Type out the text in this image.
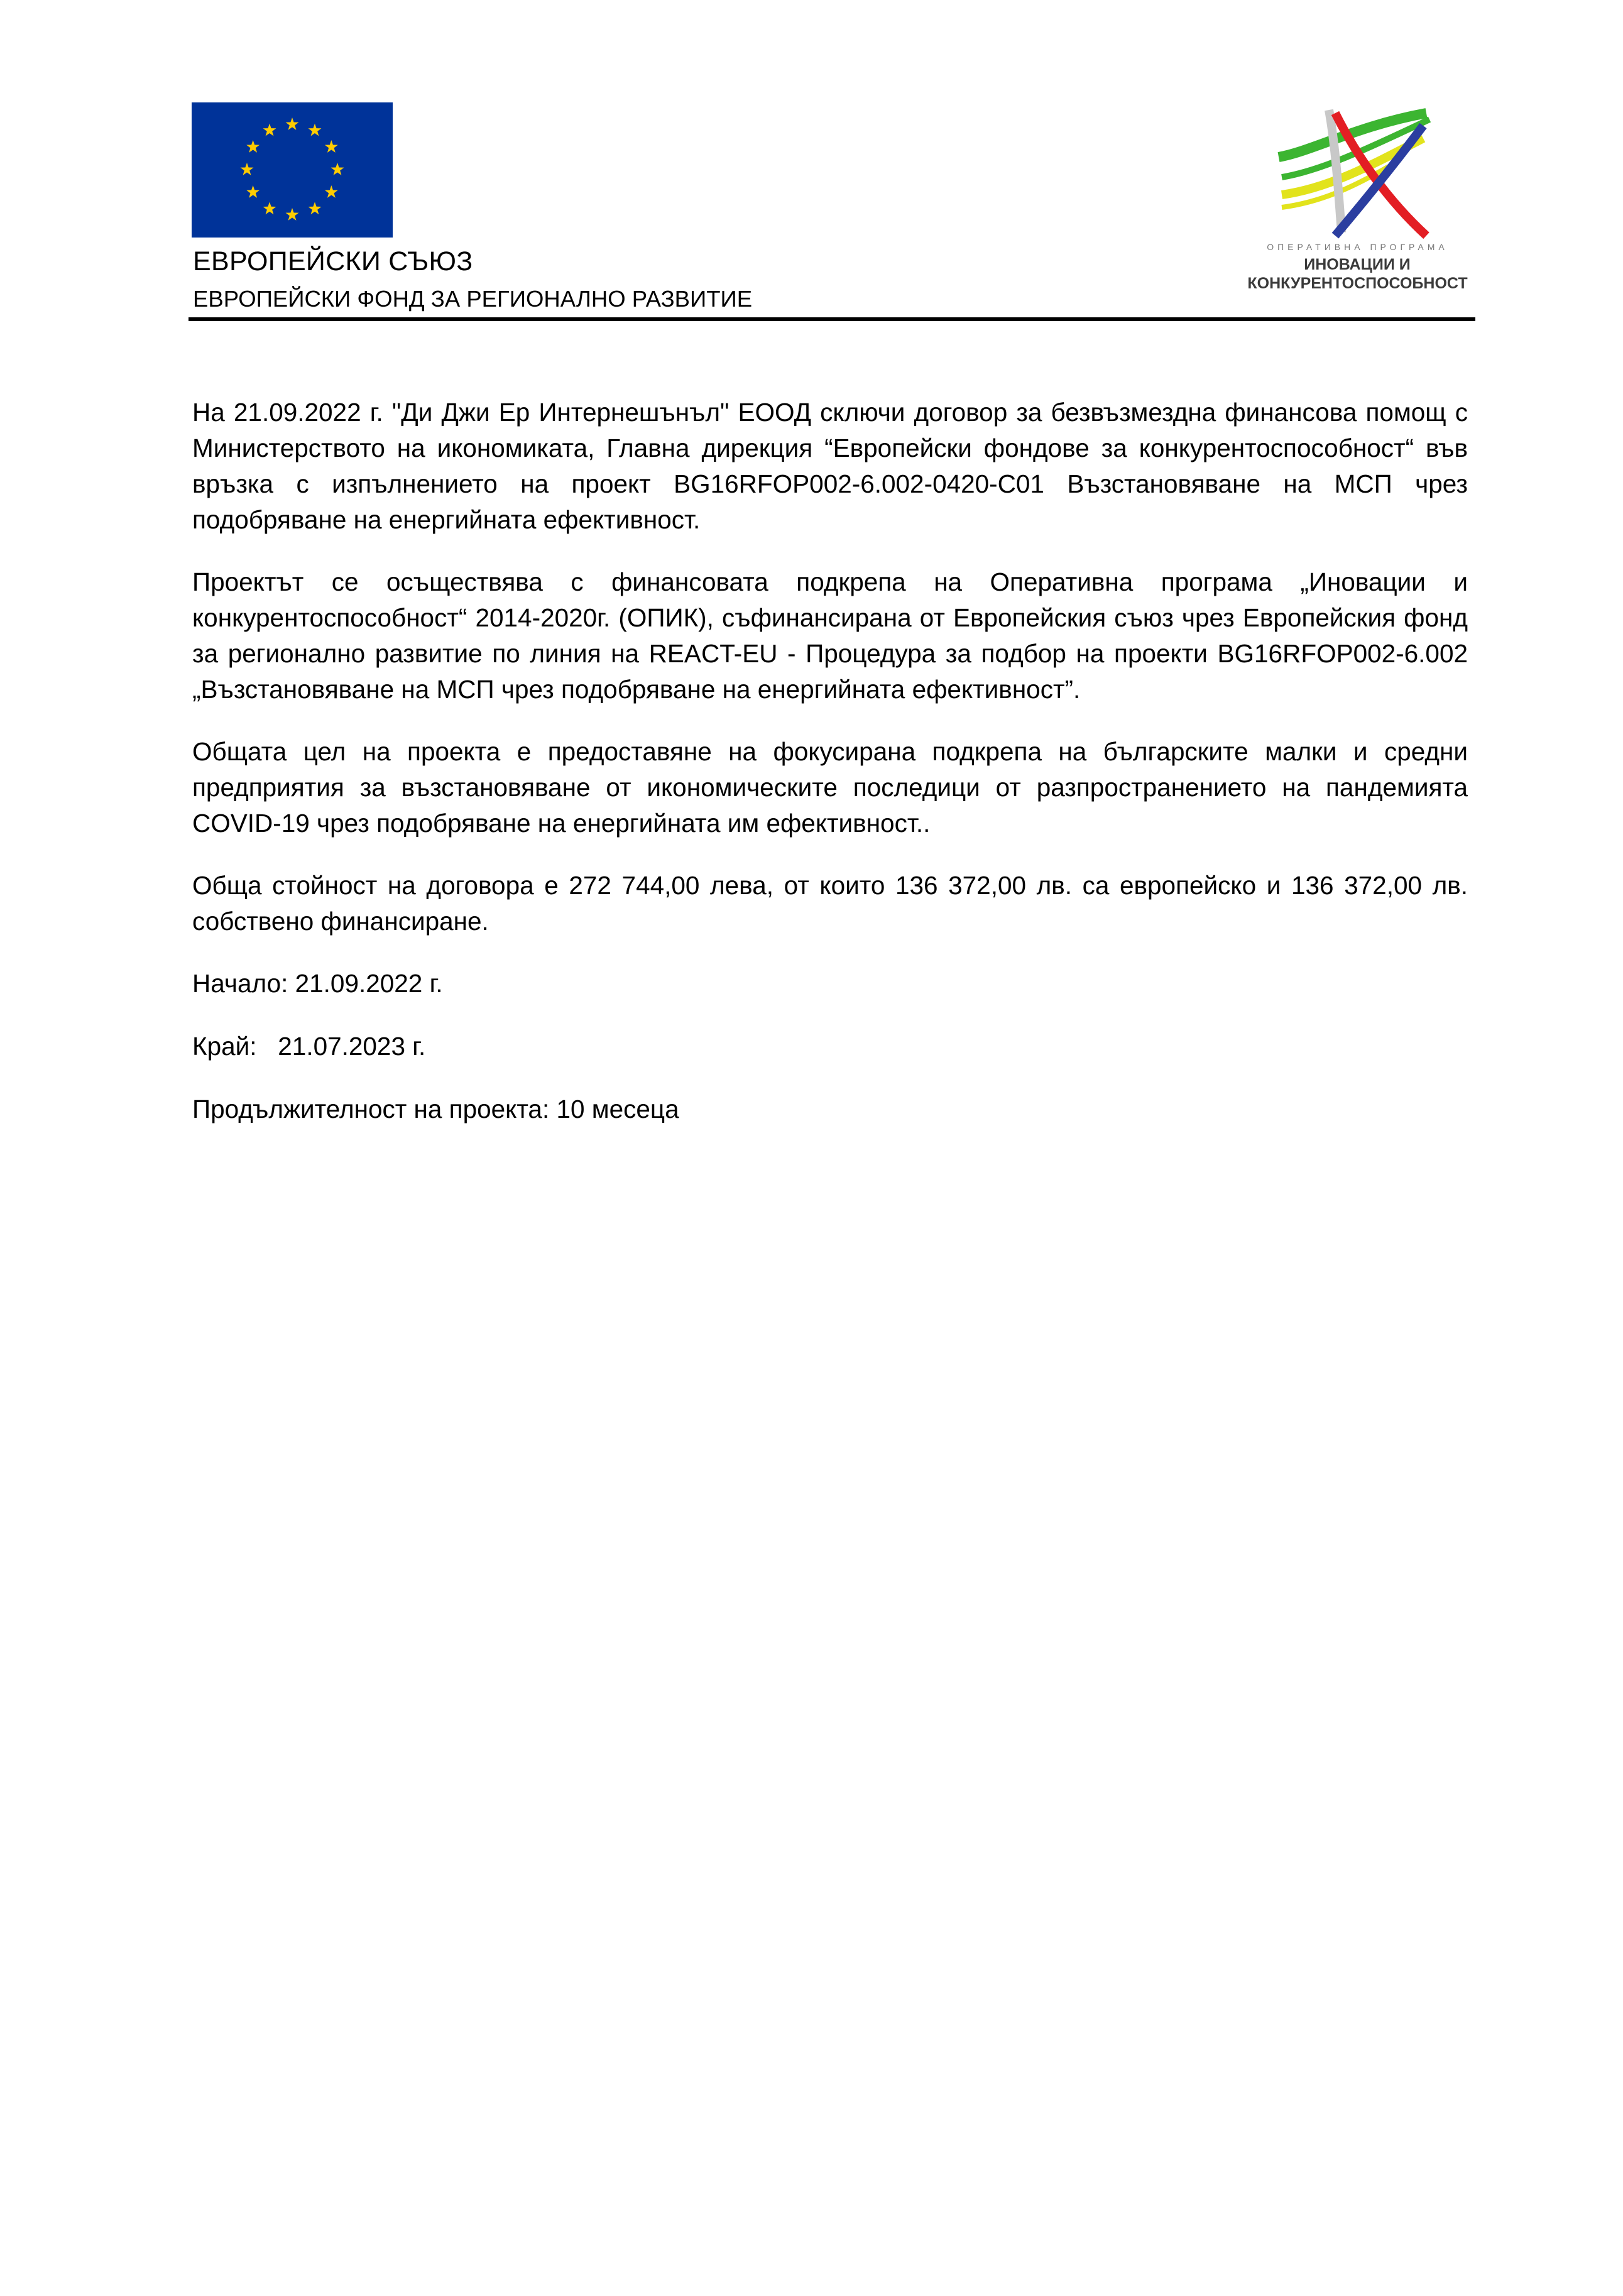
ЕВРОПЕЙСКИ СЪЮЗ
ЕВРОПЕЙСКИ ФОНД ЗА РЕГИОНАЛНО РАЗВИТИЕ
ОПЕРАТИВНА ПРОГРАМА
ИНОВАЦИИ И
КОНКУРЕНТОСПОСОБНОСТ

На 21.09.2022 г. "Ди Джи Ер Интернешънъл" ЕООД сключи договор за безвъзмездна финансова помощ с Министерството на икономиката, Главна дирекция “Европейски фондове за конкурентоспособност“ във връзка с изпълнението на проект BG16RFOP002-6.002-0420-C01 Възстановяване на МСП чрез подобряване на енергийната ефективност.

Проектът се осъществява с финансовата подкрепа на Оперативна програма „Иновации и конкурентоспособност“ 2014-2020г. (ОПИК), съфинансирана от Европейския съюз чрез Европейския фонд за регионално развитие по линия на REACT-EU - Процедура за подбор на проекти BG16RFOP002-6.002 „Възстановяване на МСП чрез подобряване на енергийната ефективност”.

Общата цел на проекта е предоставяне на фокусирана подкрепа на българските малки и средни предприятия за възстановяване от икономическите последици от разпространението на пандемията COVID-19 чрез подобряване на енергийната им ефективност..

Обща стойност на договора е 272 744,00 лева, от които 136 372,00 лв. са европейско и 136 372,00 лв. собствено финансиране.

Начало: 21.09.2022 г.

Край:   21.07.2023 г.

Продължителност на проекта: 10 месеца
